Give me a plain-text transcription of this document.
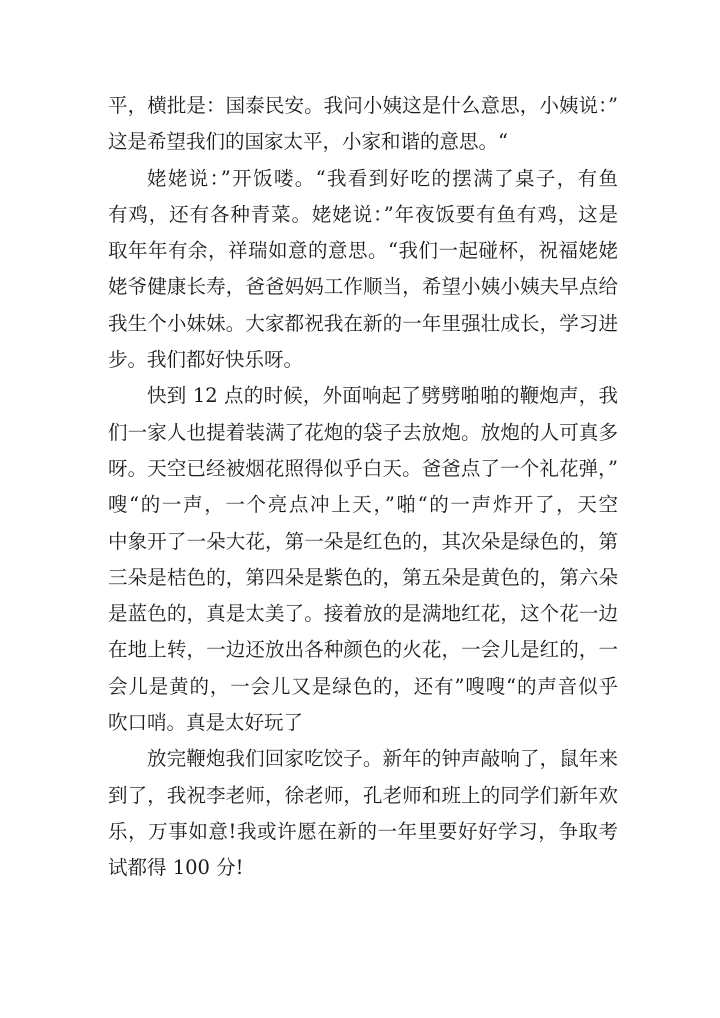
平，横批是：国泰民安。我问小姨这是什么意思，小姨说：”
这是希望我们的国家太平，小家和谐的意思。“
姥姥说：”开饭喽。“我看到好吃的摆满了桌子，有鱼
有鸡，还有各种青菜。姥姥说：”年夜饭要有鱼有鸡，这是
取年年有余，祥瑞如意的意思。“我们一起碰杯，祝福姥姥
姥爷健康长寿，爸爸妈妈工作顺当，希望小姨小姨夫早点给
我生个小妹妹。大家都祝我在新的一年里强壮成长，学习进
步。我们都好快乐呀。
快到 12 点的时候，外面响起了劈劈啪啪的鞭炮声，我
们一家人也提着装满了花炮的袋子去放炮。放炮的人可真多
呀。天空已经被烟花照得似乎白天。爸爸点了一个礼花弹，”
嗖“的一声，一个亮点冲上天，”啪“的一声炸开了，天空
中象开了一朵大花，第一朵是红色的，其次朵是绿色的，第
三朵是桔色的，第四朵是紫色的，第五朵是黄色的，第六朵
是蓝色的，真是太美了。接着放的是满地红花，这个花一边
在地上转，一边还放出各种颜色的火花，一会儿是红的，一
会儿是黄的，一会儿又是绿色的，还有”嗖嗖“的声音似乎
吹口哨。真是太好玩了
放完鞭炮我们回家吃饺子。新年的钟声敲响了，鼠年来
到了，我祝李老师，徐老师，孔老师和班上的同学们新年欢
乐，万事如意!我或许愿在新的一年里要好好学习，争取考
试都得 100 分!
